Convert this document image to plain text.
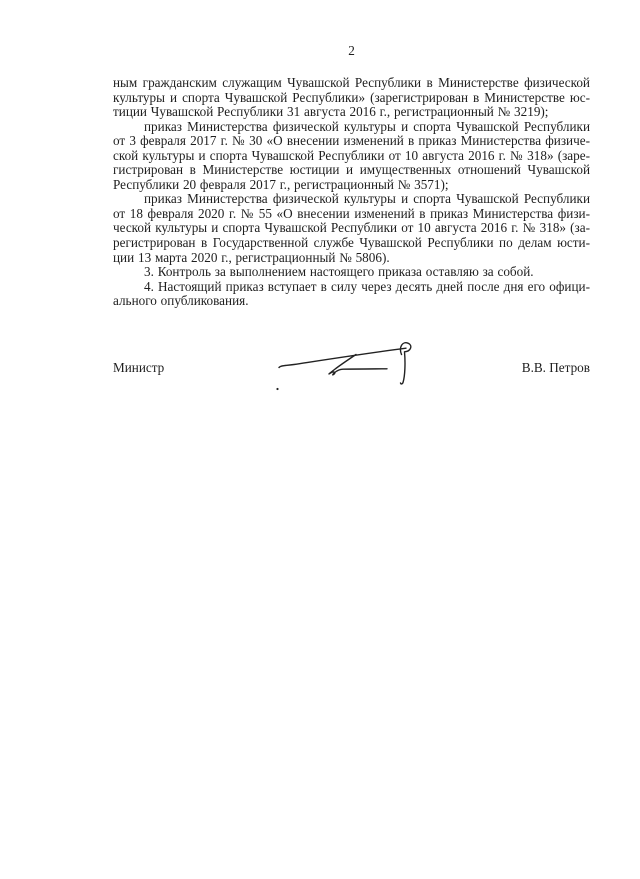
2
ным гражданским служащим Чувашской Республики в Министерстве физической
культуры и спорта Чувашской Республики» (зарегистрирован в Министерстве юс-
тиции Чувашской Республики 31 августа 2016 г., регистрационный № 3219);
приказ Министерства физической культуры и спорта Чувашской Республики
от 3 февраля 2017 г. № 30 «О внесении изменений в приказ Министерства физиче-
ской культуры и спорта Чувашской Республики от 10 августа 2016 г. № 318» (заре-
гистрирован в Министерстве юстиции и имущественных отношений Чувашской
Республики 20 февраля 2017 г., регистрационный № 3571);
приказ Министерства физической культуры и спорта Чувашской Республики
от 18 февраля 2020 г. № 55 «О внесении изменений в приказ Министерства физи-
ческой культуры и спорта Чувашской Республики от 10 августа 2016 г. № 318» (за-
регистрирован в Государственной службе Чувашской Республики по делам юсти-
ции 13 марта 2020 г., регистрационный № 5806).
3. Контроль за выполнением настоящего приказа оставляю за собой.
4. Настоящий приказ вступает в силу через десять дней после дня его офици-
ального опубликования.
Министр	В.В. Петров
